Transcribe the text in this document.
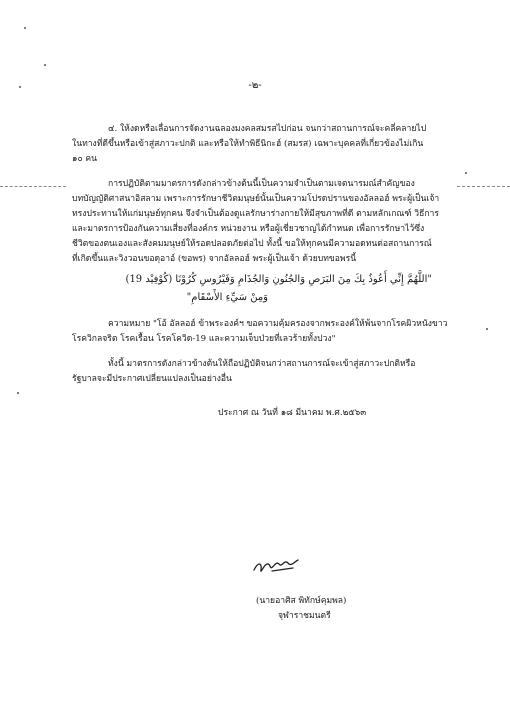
-๒-
๔. ให้งดหรือเลื่อนการจัดงานฉลองมงคลสมรสไปก่อน จนกว่าสถานการณ์จะคลี่คลายไป
ในทางที่ดีขึ้นหรือเข้าสู่สภาวะปกติ และหรือให้ทำพิธีนิกะฮ์ (สมรส) เฉพาะบุคคลที่เกี่ยวข้องไม่เกิน
๑๐ คน
การปฏิบัติตามมาตรการดังกล่าวข้างต้นนี้เป็นความจำเป็นตามเจตนารมณ์สำคัญของ
บทบัญญัติศาสนาอิสลาม เพราะการรักษาชีวิตมนุษย์นั้นเป็นความโปรดปรานของอัลลอฮ์ พระผู้เป็นเจ้า
ทรงประทานให้แก่มนุษย์ทุกคน จึงจำเป็นต้องดูแลรักษาร่างกายให้มีสุขภาพที่ดี ตามหลักเกณฑ์ วิธีการ
และมาตรการป้องกันความเสี่ยงที่องค์กร หน่วยงาน หรือผู้เชี่ยวชาญได้กำหนด เพื่อการรักษาไว้ซึ่ง
ชีวิตของตนเองและสังคมมนุษย์ให้รอดปลอดภัยต่อไป ทั้งนี้ ขอให้ทุกคนมีความอดทนต่อสถานการณ์
ที่เกิดขึ้นและวิงวอนขอดุอาอ์ (ขอพร) จากอัลลอฮ์ พระผู้เป็นเจ้า ด้วยบทขอพรนี้
"اللَّهُمَّ إِنِّي أَعُوذُ بِكَ مِنَ البَرَصِ وَالجُنُونِ وَالجُذَامِ وَفَيْرُوسِ كُرُوْنَا (كُوْفِيْد 19)
وَمِنْ سَيِّءِ الأَسْقَامِ"
ความหมาย "โอ้ อัลลอฮ์ ข้าพระองค์ฯ ขอความคุ้มครองจากพระองค์ให้พ้นจากโรคผิวหนังขาว
โรควิกลจริต โรคเรื้อน โรคโควิด-19 และความเจ็บป่วยที่เลวร้ายทั้งปวง"
ทั้งนี้ มาตรการดังกล่าวข้างต้นให้ถือปฏิบัติจนกว่าสถานการณ์จะเข้าสู่สภาวะปกติหรือ
รัฐบาลจะมีประกาศเปลี่ยนแปลงเป็นอย่างอื่น
ประกาศ ณ วันที่ ๑๘ มีนาคม พ.ศ.๒๕๖๓
(นายอาศิส พิทักษ์คุมพล)
จุฬาราชมนตรี
